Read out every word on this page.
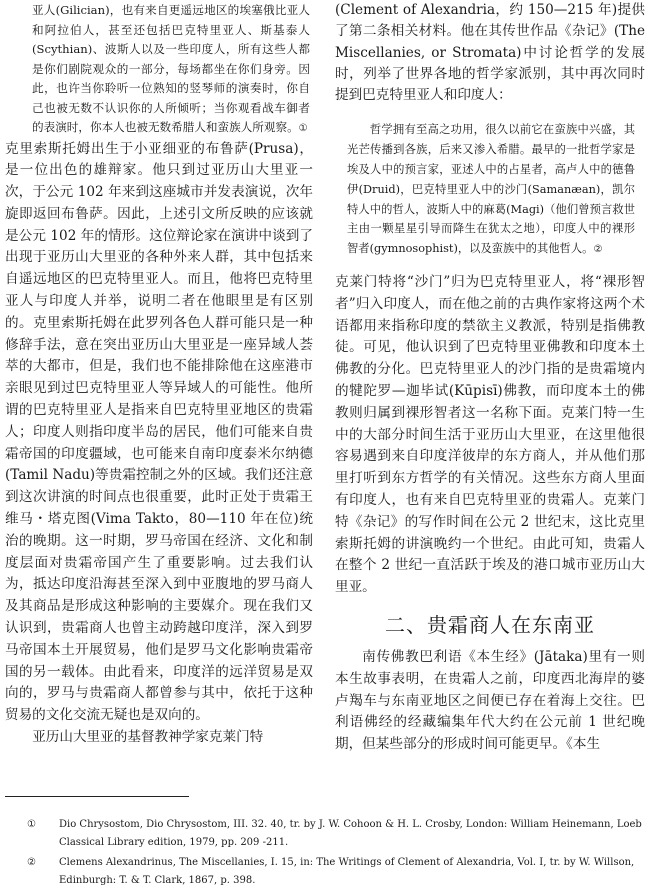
亚人(Gilician)，也有来自更遥远地区的埃塞俄比亚人和阿拉伯人，甚至还包括巴克特里亚人、斯基泰人(Scythian)、波斯人以及一些印度人，所有这些人都是你们剧院观众的一部分，每场都坐在你们身旁。因此，也许当你聆听一位熟知的竖琴师的演奏时，你自己也被无数不认识你的人所倾听；当你观看战车御者的表演时，你本人也被无数希腊人和蛮族人所观察。①

克里索斯托姆出生于小亚细亚的布鲁萨(Prusa)，是一位出色的雄辩家。他只到过亚历山大里亚一次，于公元 102 年来到这座城市并发表演说，次年旋即返回布鲁萨。因此，上述引文所反映的应该就是公元 102 年的情形。这位辩论家在演讲中谈到了出现于亚历山大里亚的各种外来人群，其中包括来自遥远地区的巴克特里亚人。而且，他将巴克特里亚人与印度人并举，说明二者在他眼里是有区别的。克里索斯托姆在此罗列各色人群可能只是一种修辞手法，意在突出亚历山大里亚是一座异域人荟萃的大都市，但是，我们也不能排除他在这座港市亲眼见到过巴克特里亚人等异域人的可能性。他所谓的巴克特里亚人是指来自巴克特里亚地区的贵霜人；印度人则指印度半岛的居民，他们可能来自贵霜帝国的印度疆域，也可能来自南印度泰米尔纳德(Tamil Nadu)等贵霜控制之外的区域。我们还注意到这次讲演的时间点也很重要，此时正处于贵霜王维马・塔克图(Vima Takto，80—110 年在位)统治的晚期。这一时期，罗马帝国在经济、文化和制度层面对贵霜帝国产生了重要影响。过去我们认为，抵达印度沿海甚至深入到中亚腹地的罗马商人及其商品是形成这种影响的主要媒介。现在我们又认识到，贵霜商人也曾主动跨越印度洋，深入到罗马帝国本土开展贸易，他们是罗马文化影响贵霜帝国的另一载体。由此看来，印度洋的远洋贸易是双向的，罗马与贵霜商人都曾参与其中，依托于这种贸易的文化交流无疑也是双向的。

亚历山大里亚的基督教神学家克莱门特

(Clement of Alexandria，约 150—215 年)提供了第二条相关材料。他在其传世作品《杂记》(The Miscellanies, or Stromata)中讨论哲学的发展时，列举了世界各地的哲学家派别，其中再次同时提到巴克特里亚人和印度人：
哲学拥有至高之功用，很久以前它在蛮族中兴盛，其光芒传播到各族，后来又渗入希腊。最早的一批哲学家是埃及人中的预言家，亚述人中的占星者，高卢人中的德鲁伊(Druid)，巴克特里亚人中的沙门(Samanæan)，凯尔特人中的哲人，波斯人中的麻葛(Magi)（他们曾预言救世主由一颗星星引导而降生在犹太之地），印度人中的裸形智者(gymnosophist)，以及蛮族中的其他哲人。②

克莱门特将“沙门”归为巴克特里亚人，将“裸形智者”归入印度人，而在他之前的古典作家将这两个术语都用来指称印度的禁欲主义教派，特别是指佛教徒。可见，他认识到了巴克特里亚佛教和印度本土佛教的分化。巴克特里亚人的沙门指的是贵霜境内的犍陀罗—迦毕试(Kūpisī)佛教，而印度本土的佛教则归属到裸形智者这一名称下面。克莱门特一生中的大部分时间生活于亚历山大里亚，在这里他很容易遇到来自印度洋彼岸的东方商人，并从他们那里打听到东方哲学的有关情况。这些东方商人里面有印度人，也有来自巴克特里亚的贵霜人。克莱门特《杂记》的写作时间在公元 2 世纪末，这比克里索斯托姆的讲演晚约一个世纪。由此可知，贵霜人在整个 2 世纪一直活跃于埃及的港口城市亚历山大里亚。

二、贵霜商人在东南亚

南传佛教巴利语《本生经》(Jātaka)里有一则本生故事表明，在贵霜人之前，印度西北海岸的婆卢羯车与东南亚地区之间便已存在着海上交往。巴利语佛经的经藏编集年代大约在公元前 1 世纪晚期，但某些部分的形成时间可能更早。《本生

①	Dio Chrysostom, Dio Chrysostom, III. 32. 40, tr. by J. W. Cohoon & H. L. Crosby, London: William Heinemann, Loeb Classical Library edition, 1979, pp. 209 -211.
②	Clemens Alexandrinus, The Miscellanies, I. 15, in: The Writings of Clement of Alexandria, Vol. I, tr. by W. Willson, Edinburgh: T. & T. Clark, 1867, p. 398.
